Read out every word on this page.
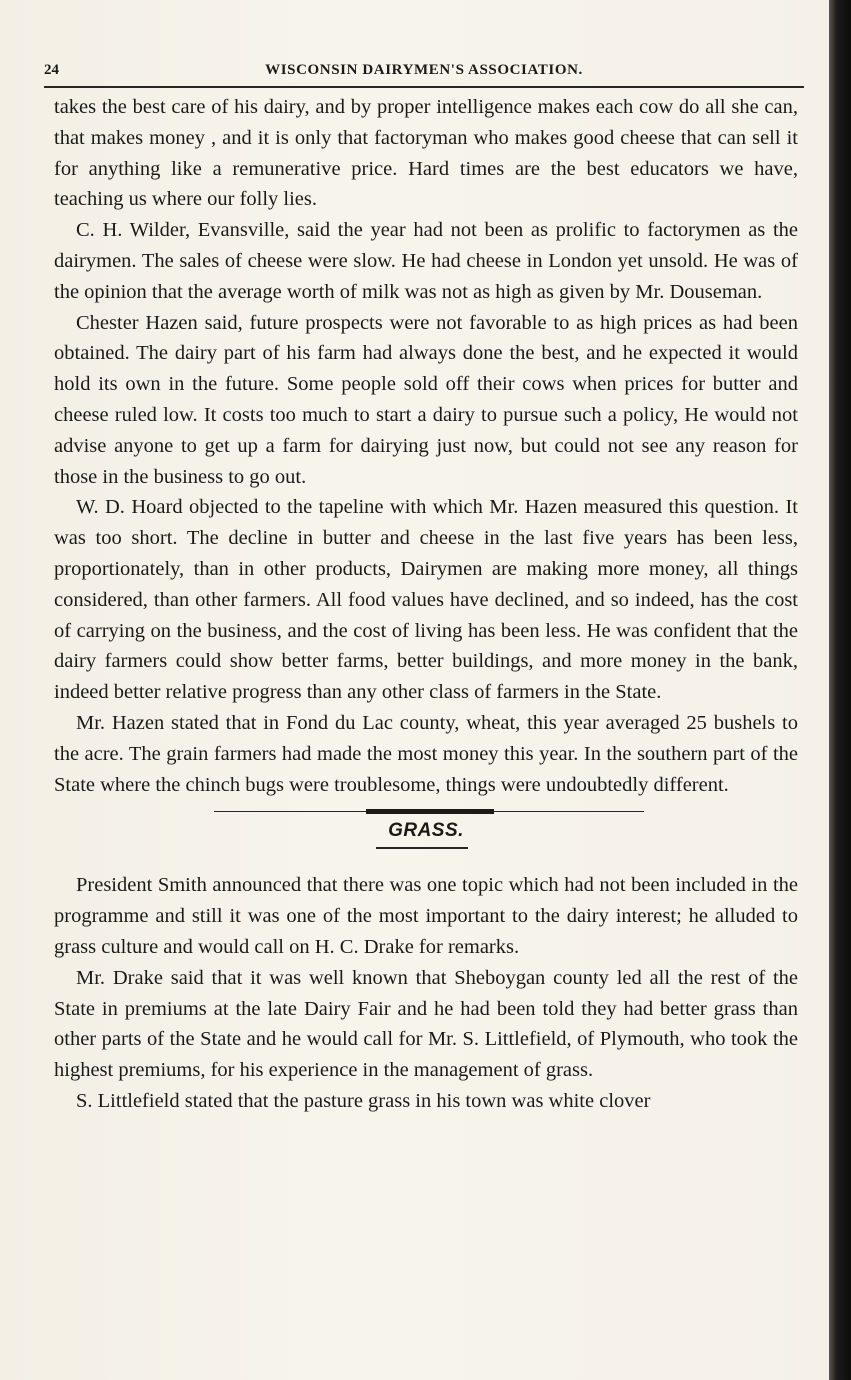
24	WISCONSIN DAIRYMEN'S ASSOCIATION.

takes the best care of his dairy, and by proper intelligence makes each cow do all she can, that makes money , and it is only that factoryman who makes good cheese that can sell it for anything like a remunerative price. Hard times are the best educators we have, teaching us where our folly lies.

C. H. Wilder, Evansville, said the year had not been as prolific to factorymen as the dairymen. The sales of cheese were slow. He had cheese in London yet unsold. He was of the opinion that the average worth of milk was not as high as given by Mr. Douseman.

Chester Hazen said, future prospects were not favorable to as high prices as had been obtained. The dairy part of his farm had always done the best, and he expected it would hold its own in the future. Some people sold off their cows when prices for butter and cheese ruled low. It costs too much to start a dairy to pursue such a policy, He would not advise anyone to get up a farm for dairying just now, but could not see any reason for those in the business to go out.

W. D. Hoard objected to the tapeline with which Mr. Hazen measured this question. It was too short. The decline in butter and cheese in the last five years has been less, proportionately, than in other products, Dairymen are making more money, all things considered, than other farmers. All food values have declined, and so indeed, has the cost of carrying on the business, and the cost of living has been less. He was confident that the dairy farmers could show better farms, better buildings, and more money in the bank, indeed better relative progress than any other class of farmers in the State.

Mr. Hazen stated that in Fond du Lac county, wheat, this year averaged 25 bushels to the acre. The grain farmers had made the most money this year. In the southern part of the State where the chinch bugs were troublesome, things were undoubtedly different.

GRASS.

President Smith announced that there was one topic which had not been included in the programme and still it was one of the most important to the dairy interest; he alluded to grass culture and would call on H. C. Drake for remarks.

Mr. Drake said that it was well known that Sheboygan county led all the rest of the State in premiums at the late Dairy Fair and he had been told they had better grass than other parts of the State and he would call for Mr. S. Littlefield, of Plymouth, who took the highest premiums, for his experience in the management of grass.

S. Littlefield stated that the pasture grass in his town was white clover
